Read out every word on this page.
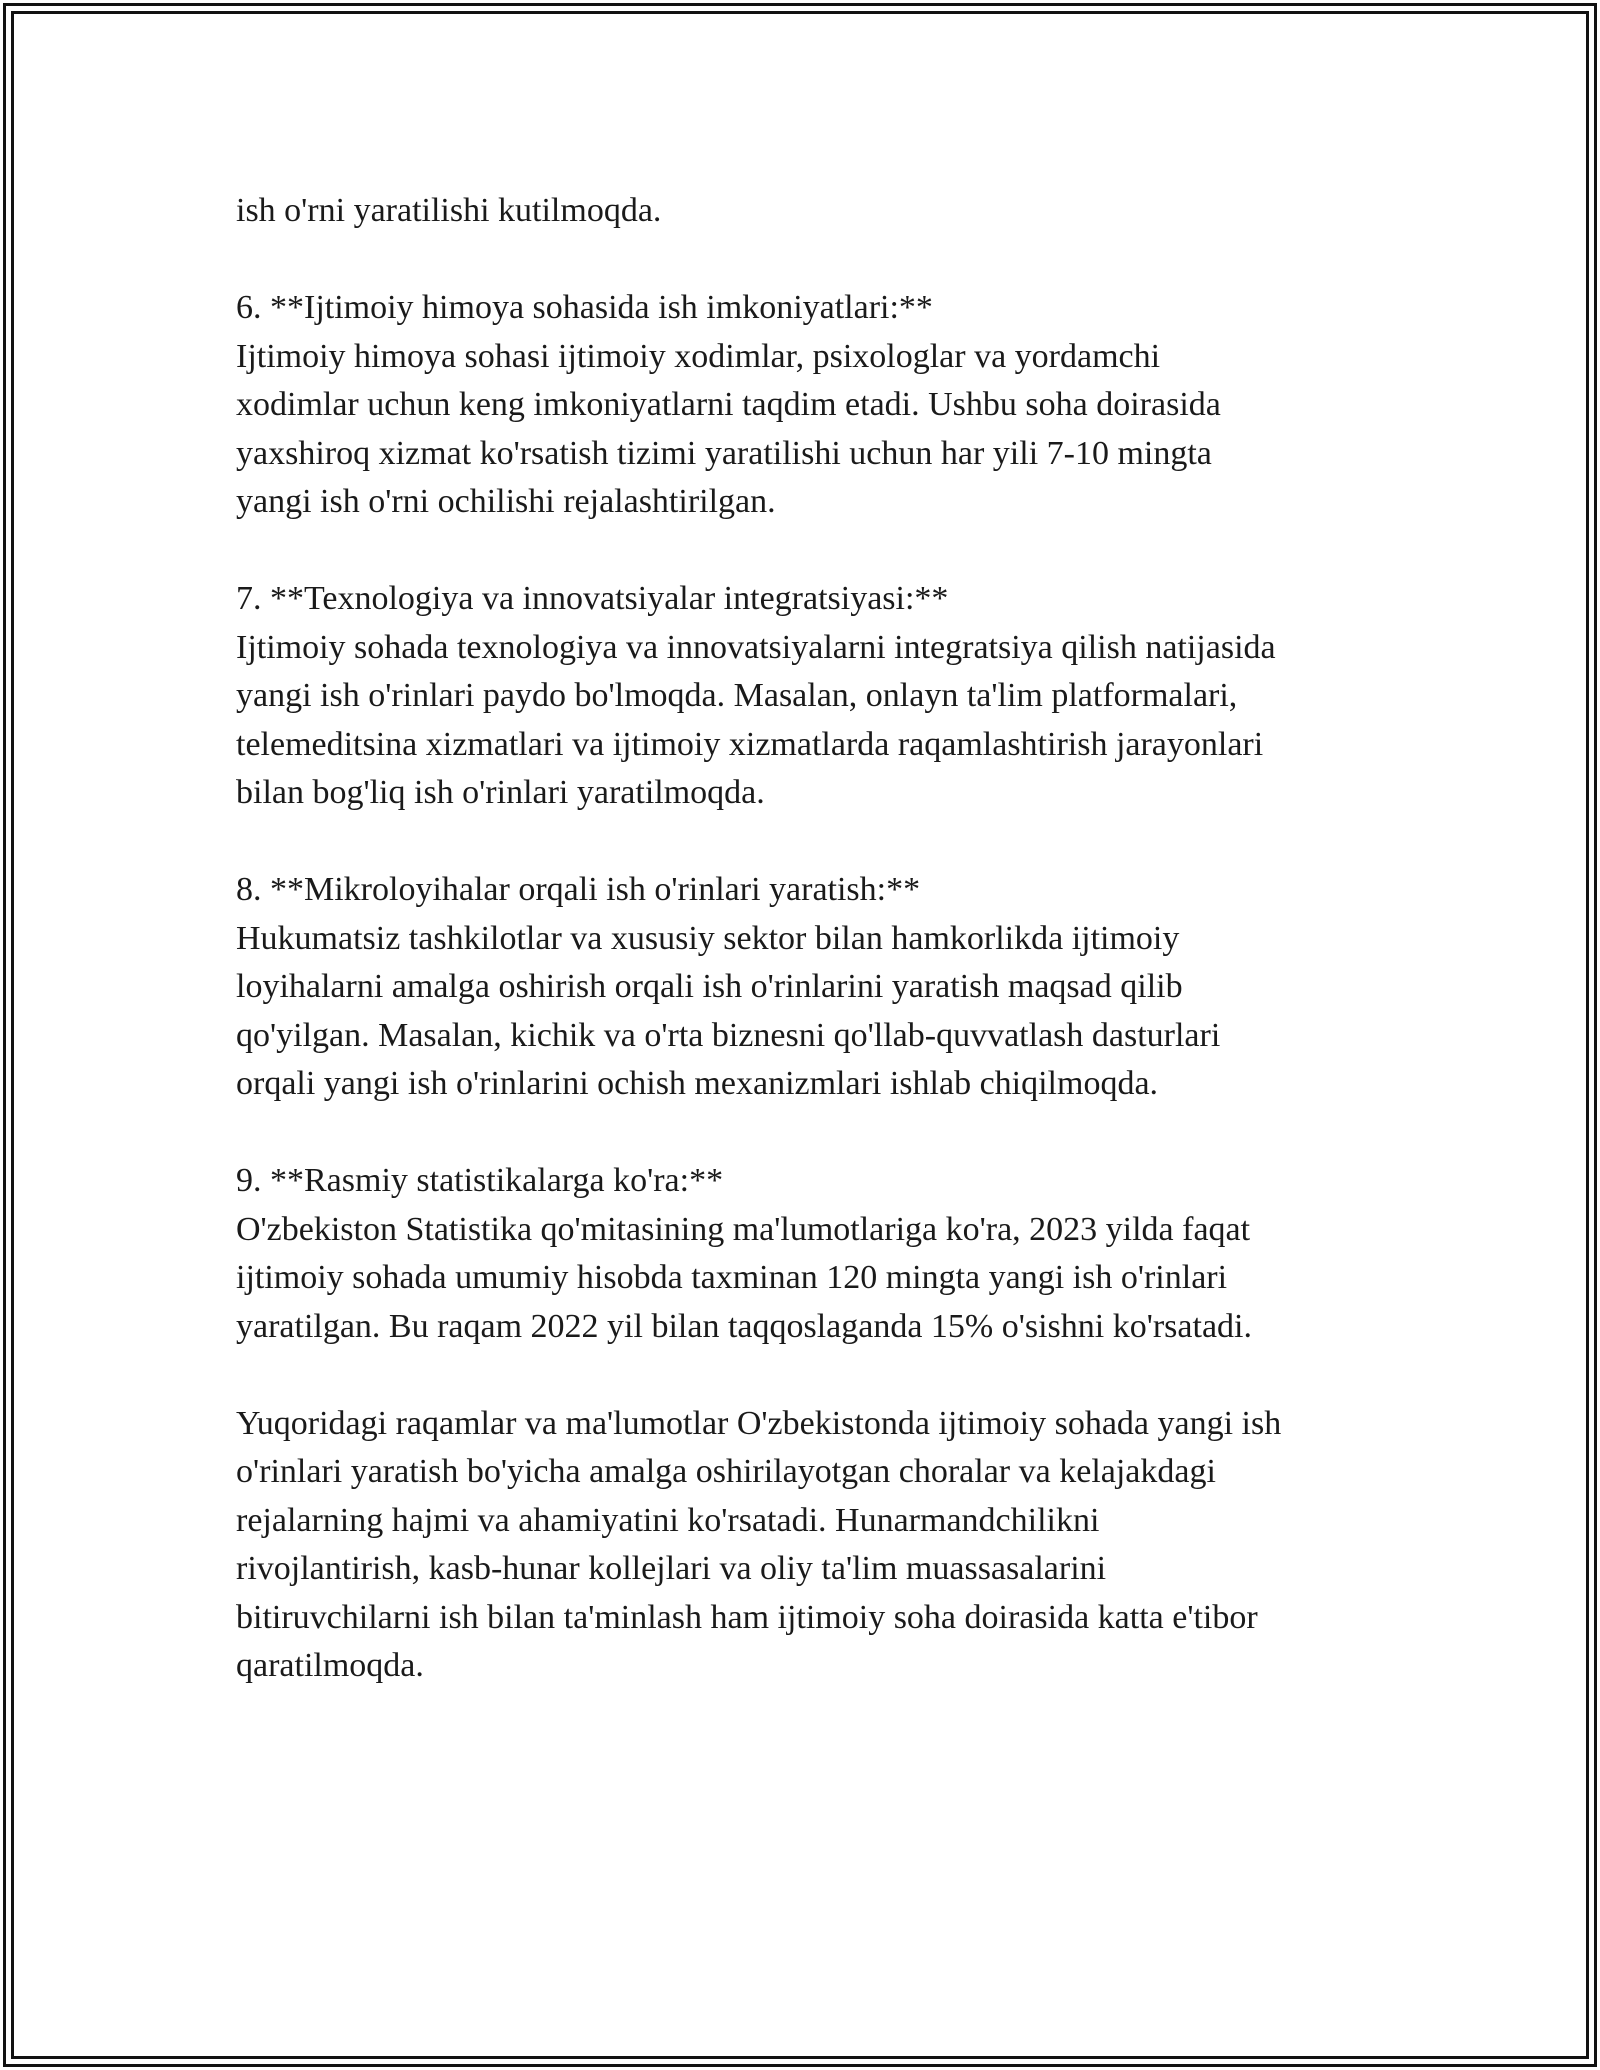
ish o'rni yaratilishi kutilmoqda.
6. **Ijtimoiy himoya sohasida ish imkoniyatlari:**
Ijtimoiy himoya sohasi ijtimoiy xodimlar, psixologlar va yordamchi
xodimlar uchun keng imkoniyatlarni taqdim etadi. Ushbu soha doirasida
yaxshiroq xizmat ko'rsatish tizimi yaratilishi uchun har yili 7-10 mingta
yangi ish o'rni ochilishi rejalashtirilgan.
7. **Texnologiya va innovatsiyalar integratsiyasi:**
Ijtimoiy sohada texnologiya va innovatsiyalarni integratsiya qilish natijasida
yangi ish o'rinlari paydo bo'lmoqda. Masalan, onlayn ta'lim platformalari,
telemeditsina xizmatlari va ijtimoiy xizmatlarda raqamlashtirish jarayonlari
bilan bog'liq ish o'rinlari yaratilmoqda.
8. **Mikroloyihalar orqali ish o'rinlari yaratish:**
Hukumatsiz tashkilotlar va xususiy sektor bilan hamkorlikda ijtimoiy
loyihalarni amalga oshirish orqali ish o'rinlarini yaratish maqsad qilib
qo'yilgan. Masalan, kichik va o'rta biznesni qo'llab-quvvatlash dasturlari
orqali yangi ish o'rinlarini ochish mexanizmlari ishlab chiqilmoqda.
9. **Rasmiy statistikalarga ko'ra:**
O'zbekiston Statistika qo'mitasining ma'lumotlariga ko'ra, 2023 yilda faqat
ijtimoiy sohada umumiy hisobda taxminan 120 mingta yangi ish o'rinlari
yaratilgan. Bu raqam 2022 yil bilan taqqoslaganda 15% o'sishni ko'rsatadi.
Yuqoridagi raqamlar va ma'lumotlar O'zbekistonda ijtimoiy sohada yangi ish
o'rinlari yaratish bo'yicha amalga oshirilayotgan choralar va kelajakdagi
rejalarning hajmi va ahamiyatini ko'rsatadi. Hunarmandchilikni
rivojlantirish, kasb-hunar kollejlari va oliy ta'lim muassasalarini
bitiruvchilarni ish bilan ta'minlash ham ijtimoiy soha doirasida katta e'tibor
qaratilmoqda.
